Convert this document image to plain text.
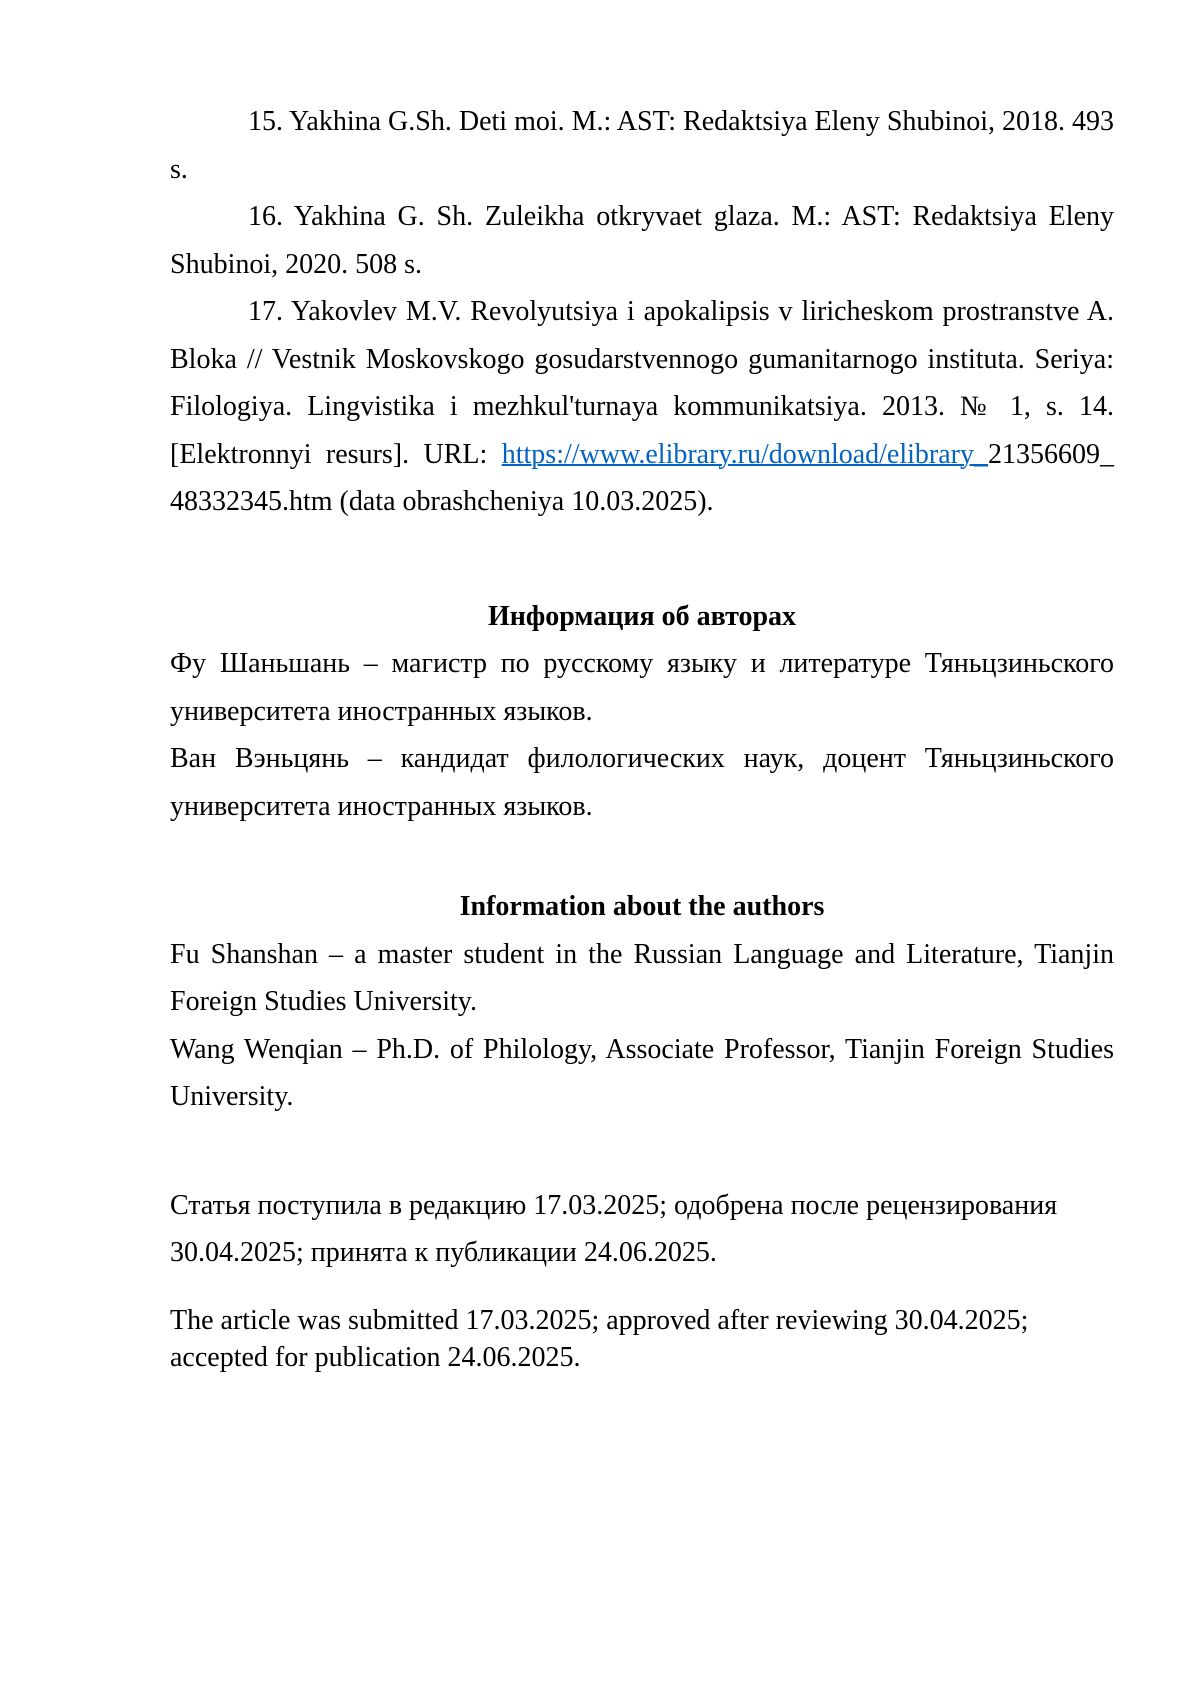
15. Yakhina G.Sh. Deti moi. M.: AST: Redaktsiya Eleny Shubinoi, 2018. 493 s.

16. Yakhina G. Sh. Zuleikha otkryvaet glaza. M.: AST: Redaktsiya Eleny Shubinoi, 2020. 508 s.

17. Yakovlev M.V. Revolyutsiya i apokalipsis v liricheskom prostranstve A. Bloka // Vestnik Moskovskogo gosudarstvennogo gumanitarnogo instituta. Seriya: Filologiya. Lingvistika i mezhkul'turnaya kommunikatsiya. 2013. № 1, s. 14. [Elektronnyi resurs]. URL: https://www.elibrary.ru/download/elibrary_21356609_48332345.htm (data obrashcheniya 10.03.2025).

Информация об авторах

Фу Шаньшань – магистр по русскому языку и литературе Тяньцзиньского университета иностранных языков.

Ван Вэньцянь – кандидат филологических наук, доцент Тяньцзиньского университета иностранных языков.

Information about the authors

Fu Shanshan – a master student in the Russian Language and Literature, Tianjin Foreign Studies University.

Wang Wenqian – Ph.D. of Philology, Associate Professor, Tianjin Foreign Studies University.

Статья поступила в редакцию 17.03.2025; одобрена после рецензирования 30.04.2025; принята к публикации 24.06.2025.

The article was submitted 17.03.2025; approved after reviewing 30.04.2025; accepted for publication 24.06.2025.
